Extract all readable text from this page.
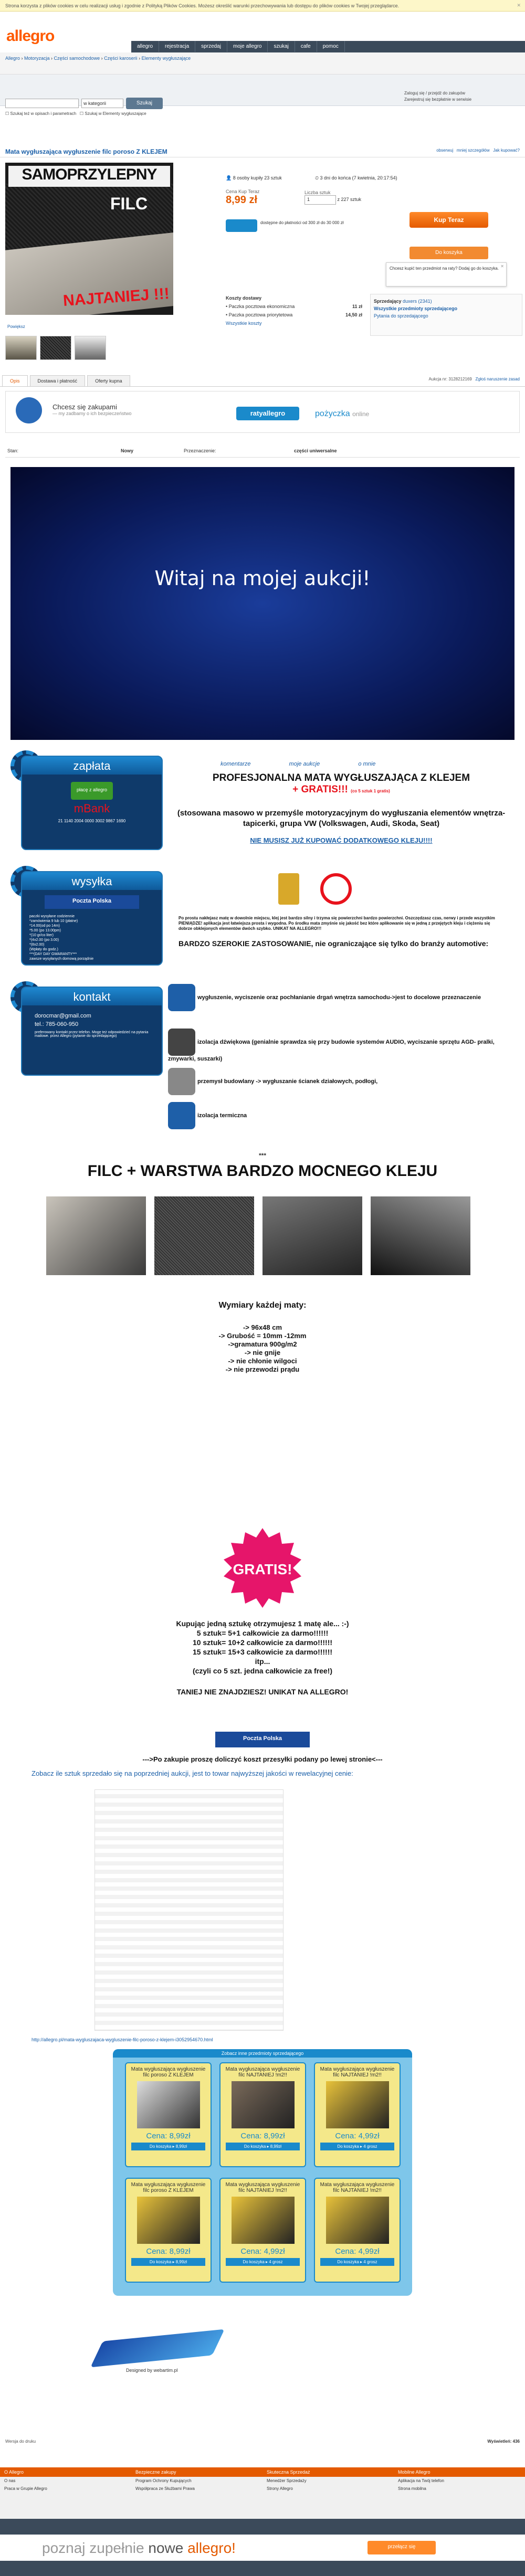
Strona korzysta z plików cookies w celu realizacji usług i zgodnie z Polityką Plików Cookies. Możesz określić warunki przechowywania lub dostępu do plików cookies w Twojej przeglądarce.	✕
allegro
allegro rejestracja sprzedaj moje allegro szukaj cafe pomoc
Allegro › Motoryzacja › Części samochodowe › Części karoserii › Elementy wygłuszające
w kategorii	Szukaj
☐ Szukaj też w opisach i parametrach ☐ Szukaj w Elementy wygłuszające
Zaloguj się / przejdź do zakupów
Zarejestruj się bezpłatnie w serwisie
Mata wygłuszająca wygłuszenie filc poroso Z KLEJEM	obserwuj mniej szczegółów Jak kupować?
SAMOPRZYLEPNY
FILC
NAJTANIEJ !!!
Powiększ
👤 8 osoby kupiły 23 sztuk	⏲ 3 dni do końca (7 kwietnia, 20:17:54)
Cena Kup Teraz
8,99 zł
Liczba sztuk
1	z 227 sztuk
dostępne do płatności od 300 zł do 30 000 zł	Kup Teraz
Do koszyka
Chcesz kupić ten przedmiot na raty? Dodaj go do koszyka. ✕
Koszty dostawy
• Paczka pocztowa ekonomiczna	11 zł
• Paczka pocztowa priorytetowa	14,50 zł
Wszystkie koszty
Sprzedający duxers (2341)
Wszystkie przedmioty sprzedającego
Pytania do sprzedającego
Opis	Dostawa i płatność	Oferty kupna	Aukcja nr: 3128212169 Zgłoś naruszenie zasad
Chcesz się zakupami
— my zadbamy o ich bezpieczeństwo	ratyallegro	pożyczka online
Stan:	Nowy	Przeznaczenie:	części uniwersalne
Witaj na mojej aukcji!
zapłata
płacę z allegro
mBank
21 1140 2004 0000 3002 9867 1690
wysyłka
Poczta Polska
paczki wysyłane codziennie
*zamówienia 9 lub 10 (płatne)
*14.00(od po 14m)
*5.00 (po 13.00pm)
*(10 gr/co liter)
*(4x2.00 (po 3.00)
*(8x2.00)
(Wpłaty do godz.)
***(DAY DAY GWARANTY***
zawsze wysyłanych domową porządnie
kontakt
dorocmar@gmail.com
tel.: 785-060-950
preferowany kontakt przez telefon. Mogę też odpowiedzieć na pytania mailowe. przez Allegro (pytanie do sprzedającego)
komentarze	moje aukcje	o mnie
PROFESJONALNA MATA WYGŁUSZAJĄCA Z KLEJEM
+ GRATIS!!! (co 5 sztuk 1 gratis)
(stosowana masowo w przemyśle motoryzacyjnym do wygłuszania elementów wnętrza- tapicerki, grupa VW (Volkswagen, Audi, Skoda, Seat)
NIE MUSISZ JUŻ KUPOWAĆ DODATKOWEGO KLEJU!!!!
Po prostu nakłejasz matę w dowolnie miejscu, klej jest bardzo silny i trzyma się powierzchni bardzo powierzchni. Oszczędzasz czas, nerwy i przede wszystkim PIENIĄDZE! aplikacja jest łatwiejsza prosta i wygodna. Po środku mata zmyśnie się jakość bez które aplikowanie się w jedną z przejętych kleju i ciężeniu się dobrze obklejonych elementów dwóch szybko. UNIKAT NA ALLEGRO!!!
BARDZO SZEROKIE ZASTOSOWANIE, nie ograniczające się tylko do branży automotive:
wygłuszenie, wyciszenie oraz pochłanianie drgań wnętrza samochodu->jest to docelowe przeznaczenie
izolacja dźwiękowa (genialnie sprawdza się przy budowie systemów AUDIO, wyciszanie sprzętu AGD- pralki, zmywarki, suszarki)
przemysł budowlany -> wygłuszanie ścianek działowych, podłogi,
izolacja termiczna
***
FILC + WARSTWA BARDZO MOCNEGO KLEJU
Wymiary każdej maty:
-> 96x48 cm
-> Grubość = 10mm -12mm
->gramatura 900g/m2
-> nie gnije
-> nie chłonie wilgoci
-> nie przewodzi prądu
GRATIS!
Kupując jedną sztukę otrzymujesz 1 matę ale... :-)
5 sztuk= 5+1 całkowicie za darmo!!!!!!
10 sztuk= 10+2 całkowicie za darmo!!!!!!
15 sztuk= 15+3 całkowicie za darmo!!!!!!
itp...
(czyli co 5 szt. jedna całkowicie za free!)
TANIEJ NIE ZNAJDZIESZ! UNIKAT NA ALLEGRO!
Poczta Polska
--->Po zakupie proszę doliczyć koszt przesyłki podany po lewej stronie<---
Zobacz ile sztuk sprzedało się na poprzedniej aukcji, jest to towar najwyższej jakości w rewelacyjnej cenie:
http://allegro.pl/mata-wygluszajaca-wygluszenie-filc-poroso-z-klejem-i3052954670.html
Zobacz inne przedmioty sprzedającego
Mata wygłuszająca wygłuszenie filc poroso Z KLEJEM
Cena: 8,99zł
Do koszyka ▸ 8,99zł
Mata wygłuszająca wygłuszenie filc NAJTANIEJ !m2!!
Cena: 8,99zł
Do koszyka ▸ 8,99zł
Mata wygłuszająca wygłuszenie filc NAJTANIEJ !m2!!
Cena: 4,99zł
Do koszyka ▸ 4 grosz
Mata wygłuszająca wygłuszenie filc poroso Z KLEJEM
Cena: 8,99zł
Do koszyka ▸ 8,99zł
Mata wygłuszająca wygłuszenie filc NAJTANIEJ !m2!!
Cena: 4,99zł
Do koszyka ▸ 4 grosz
Mata wygłuszająca wygłuszenie filc NAJTANIEJ !m2!!
Cena: 4,99zł
Do koszyka ▸ 4 grosz
Designed by webartim.pl
Wersja do druku	Wyświetleń: 436
O Allegro
O nas
Praca w Grupie Allegro
Bezpieczne zakupy
Program Ochrony Kupujących
Współpraca ze Służbami Prawa
Skuteczna Sprzedaż
Menedżer Sprzedaży
Strony Allegro
Mobilne Allegro
Aplikacja na Twój telefon
Strona mobilna
poznaj zupełnie nowe allegro!	przełącz się
